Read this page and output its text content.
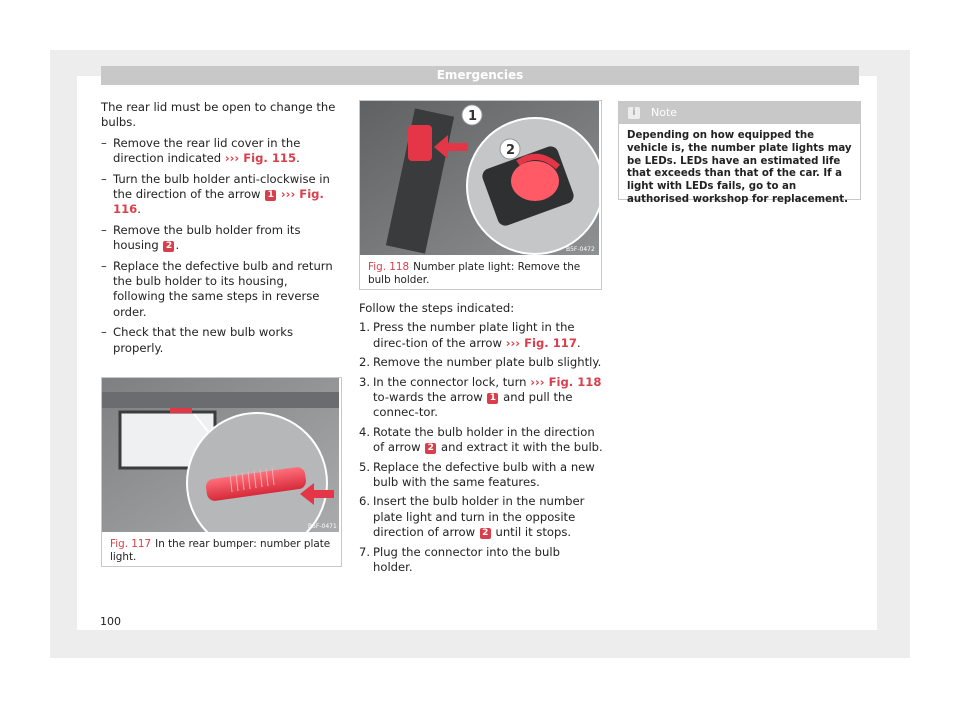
Emergencies

The rear lid must be open to change the bulbs.

– Remove the rear lid cover in the direction indicated ››› Fig. 115.
– Turn the bulb holder anti-clockwise in the direction of the arrow 1 ››› Fig. 116.
– Remove the bulb holder from its housing 2 .
– Replace the defective bulb and return the bulb holder to its housing, following the same steps in reverse order.
– Check that the new bulb works properly.
B5F-0471
Fig. 117 In the rear bumper: number plate light.
1
2
B5F-0472
Fig. 118 Number plate light: Remove the bulb holder.

Follow the steps indicated:

1. Press the number plate light in the direc-tion of the arrow ››› Fig. 117.
2. Remove the number plate bulb slightly.
3. In the connector lock, turn ››› Fig. 118 to-wards the arrow 1 and pull the connec-tor.
4. Rotate the bulb holder in the direction of arrow 2 and extract it with the bulb.
5. Replace the defective bulb with a new bulb with the same features.
6. Insert the bulb holder in the number plate light and turn in the opposite direction of arrow 2 until it stops.
7. Plug the connector into the bulb holder.
i	Note
Depending on how equipped the vehicle is, the number plate lights may be LEDs. LEDs have an estimated life that exceeds than that of the car. If a light with LEDs fails, go to an authorised workshop for replacement.
100
